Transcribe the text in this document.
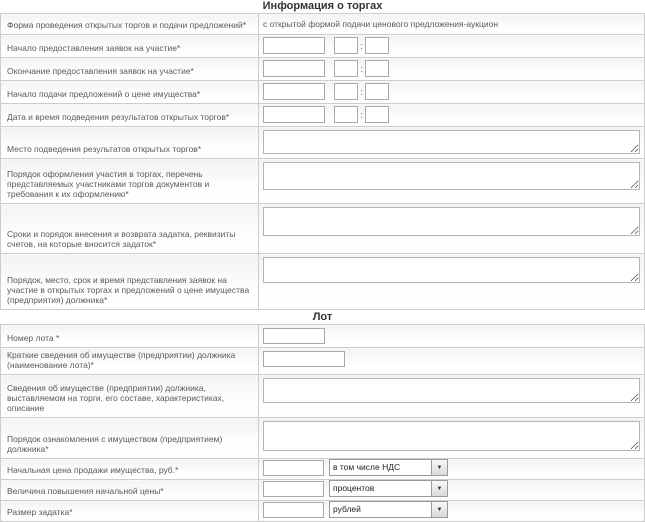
Информация о торгах
Форма проведения открытых торгов и подачи предложений*	с открытой формой подачи ценового предложения-аукцион
Начало предоставления заявок на участие*	:
Окончание предоставления заявок на участие*	:
Начало подачи предложений о цене имущества*	:
Дата и время подведения результатов открытых торгов*	:
Место подведения результатов открытых торгов*	

Порядок оформления участия в торгах, перечень представляемых участниками торгов документов и требования к их оформлению*	

Сроки и порядок внесения и возврата задатка, реквизиты счетов, на которые вносится задаток*	

Порядок, место, срок и время представления заявок на участие в открытых торгах и предложений о цене имущества (предприятия) должника*	
Лот
Номер лота *	
Краткие сведения об имуществе (предприятии) должника (наименование лота)*	
Сведения об имуществе (предприятии) должника, выставляемом на торги, его составе, характеристиках, описание	

Порядок ознакомления с имуществом (предприятием) должника*	

Начальная цена продажи имущества, руб.*	в том числе НДС ▼

Величина повышения начальной цены*	процентов ▼

Размер задатка*	рублей ▼
